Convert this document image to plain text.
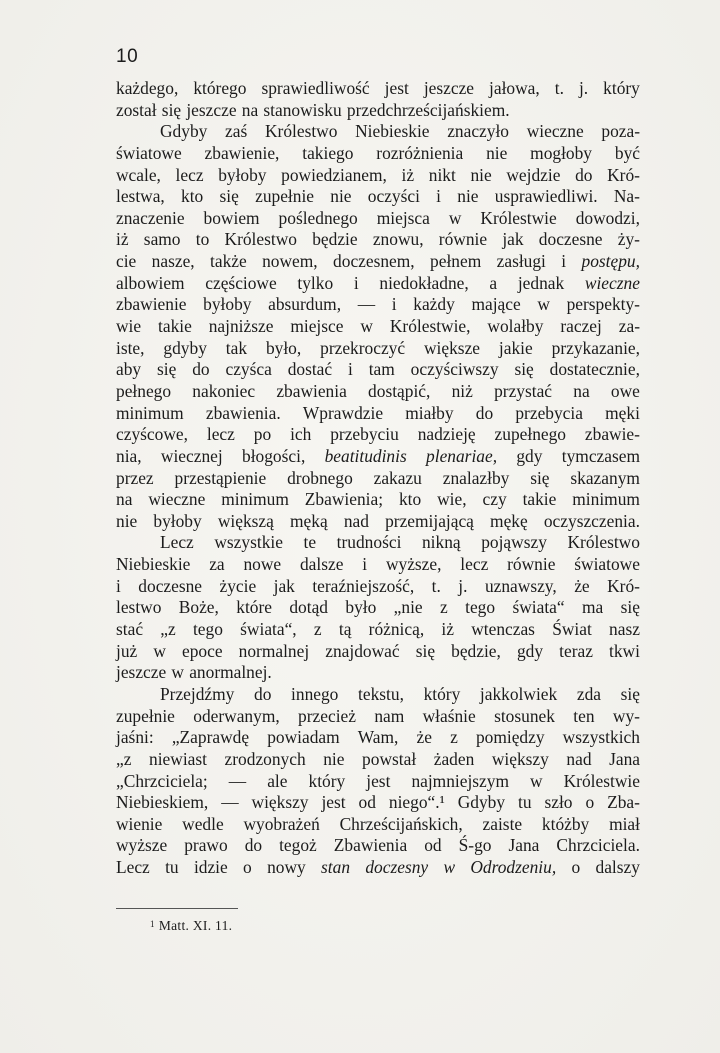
10
każdego, którego sprawiedliwość jest jeszcze jałowa, t. j. który
został się jeszcze na stanowisku przedchrześcijańskiem.
Gdyby zaś Królestwo Niebieskie znaczyło wieczne poza-
światowe zbawienie, takiego rozróżnienia nie mogłoby być
wcale, lecz byłoby powiedzianem, iż nikt nie wejdzie do Kró-
lestwa, kto się zupełnie nie oczyści i nie usprawiedliwi. Na-
znaczenie bowiem poślednego miejsca w Królestwie dowodzi,
iż samo to Królestwo będzie znowu, równie jak doczesne ży-
cie nasze, także nowem, doczesnem, pełnem zasługi i postępu,
albowiem częściowe tylko i niedokładne, a jednak wieczne
zbawienie byłoby absurdum, — i każdy mające w perspekty-
wie takie najniższe miejsce w Królestwie, wolałby raczej za-
iste, gdyby tak było, przekroczyć większe jakie przykazanie,
aby się do czyśca dostać i tam oczyściwszy się dostatecznie,
pełnego nakoniec zbawienia dostąpić, niż przystać na owe
minimum zbawienia. Wprawdzie miałby do przebycia męki
czyścowe, lecz po ich przebyciu nadzieję zupełnego zbawie-
nia, wiecznej błogości, beatitudinis plenariae, gdy tymczasem
przez przestąpienie drobnego zakazu znalazłby się skazanym
na wieczne minimum Zbawienia; kto wie, czy takie minimum
nie byłoby większą męką nad przemijającą mękę oczyszczenia.
Lecz wszystkie te trudności nikną pojąwszy Królestwo
Niebieskie za nowe dalsze i wyższe, lecz równie światowe
i doczesne życie jak teraźniejszość, t. j. uznawszy, że Kró-
lestwo Boże, które dotąd było „nie z tego świata“ ma się
stać „z tego świata“, z tą różnicą, iż wtenczas Świat nasz
już w epoce normalnej znajdować się będzie, gdy teraz tkwi
jeszcze w anormalnej.
Przejdźmy do innego tekstu, który jakkolwiek zda się
zupełnie oderwanym, przecież nam właśnie stosunek ten wy-
jaśni: „Zaprawdę powiadam Wam, że z pomiędzy wszystkich
„z niewiast zrodzonych nie powstał żaden większy nad Jana
„Chrzciciela; — ale który jest najmniejszym w Królestwie
Niebieskiem, — większy jest od niego“.¹ Gdyby tu szło o Zba-
wienie wedle wyobrażeń Chrześcijańskich, zaiste któżby miał
wyższe prawo do tegoż Zbawienia od Ś-go Jana Chrzciciela.
Lecz tu idzie o nowy stan doczesny w Odrodzeniu, o dalszy
$^1$ Matt. XI. 11.
